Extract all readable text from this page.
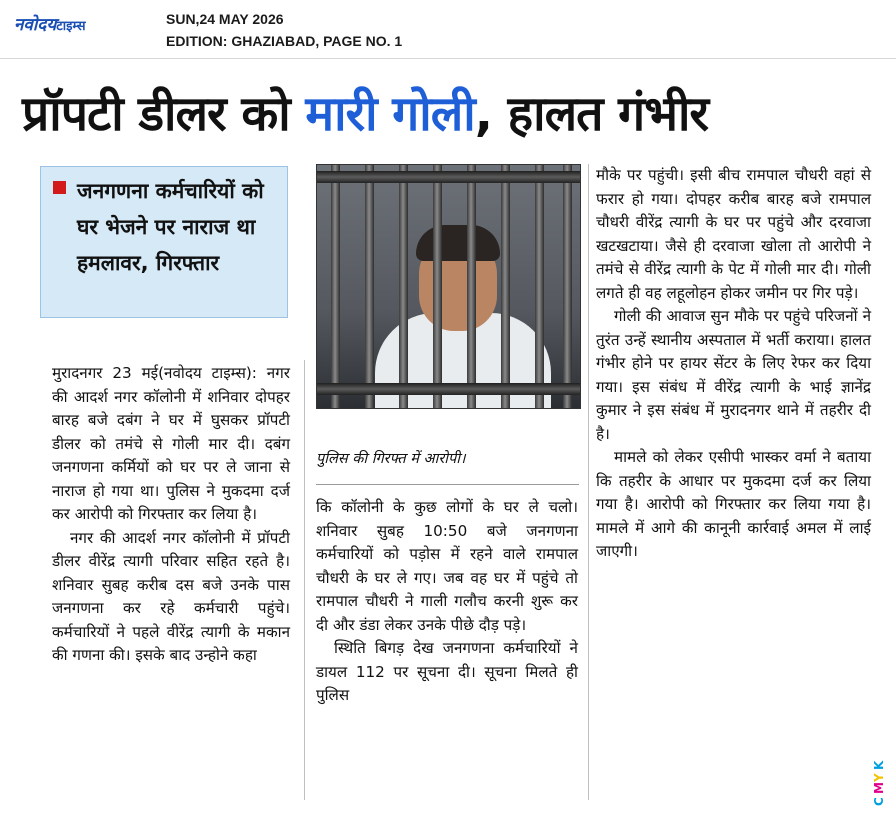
नवोदयटाइम्स	SUN,24 MAY 2026
EDITION: GHAZIABAD, PAGE NO. 1
प्रॉपटी डीलर को मारी गोली, हालत गंभीर
जनगणना कर्मचारियों को घर भेजने पर नाराज था हमलावर, गिरफ्तार

मुरादनगर 23 मई(नवोदय टाइम्स): नगर की आदर्श नगर कॉलोनी में शनिवार दोपहर बारह बजे दबंग ने घर में घुसकर प्रॉपटी डीलर को तमंचे से गोली मार दी। दबंग जनगणना कर्मियों को घर पर ले जाना से नाराज हो गया था। पुलिस ने मुकदमा दर्ज कर आरोपी को गिरफ्तार कर लिया है।

नगर की आदर्श नगर कॉलोनी में प्रॉपटी डीलर वीरेंद्र त्यागी परिवार सहित रहते है। शनिवार सुबह करीब दस बजे उनके पास जनगणना कर रहे कर्मचारी पहुंचे। कर्मचारियों ने पहले वीरेंद्र त्यागी के मकान की गणना की। इसके बाद उन्होने कहा

पुलिस की गिरफ्त में आरोपी।

कि कॉलोनी के कुछ लोगों के घर ले चलो। शनिवार सुबह 10:50 बजे जनगणना कर्मचारियों को पड़ोस में रहने वाले रामपाल चौधरी के घर ले गए। जब वह घर में पहुंचे तो रामपाल चौधरी ने गाली गलौच करनी शुरू कर दी और डंडा लेकर उनके पीछे दौड़ पड़े।

स्थिति बिगड़ देख जनगणना कर्मचारियों ने डायल 112 पर सूचना दी। सूचना मिलते ही पुलिस

मौके पर पहुंची। इसी बीच रामपाल चौधरी वहां से फरार हो गया। दोपहर करीब बारह बजे रामपाल चौधरी वीरेंद्र त्यागी के घर पर पहुंचे और दरवाजा खटखटाया। जैसे ही दरवाजा खोला तो आरोपी ने तमंचे से वीरेंद्र त्यागी के पेट में गोली मार दी। गोली लगते ही वह लहूलोहन होकर जमीन पर गिर पड़े।

गोली की आवाज सुन मौके पर पहुंचे परिजनों ने तुरंत उन्हें स्थानीय अस्पताल में भर्ती कराया। हालत गंभीर होने पर हायर सेंटर के लिए रेफर कर दिया गया। इस संबंध में वीरेंद्र त्यागी के भाई ज्ञानेंद्र कुमार ने इस संबंध में मुरादनगर थाने में तहरीर दी है।

मामले को लेकर एसीपी भास्कर वर्मा ने बताया कि तहरीर के आधार पर मुकदमा दर्ज कर लिया गया है। आरोपी को गिरफ्तार कर लिया गया है। मामले में आगे की कानूनी कार्रवाई अमल में लाई जाएगी।

K
Y
M
C
